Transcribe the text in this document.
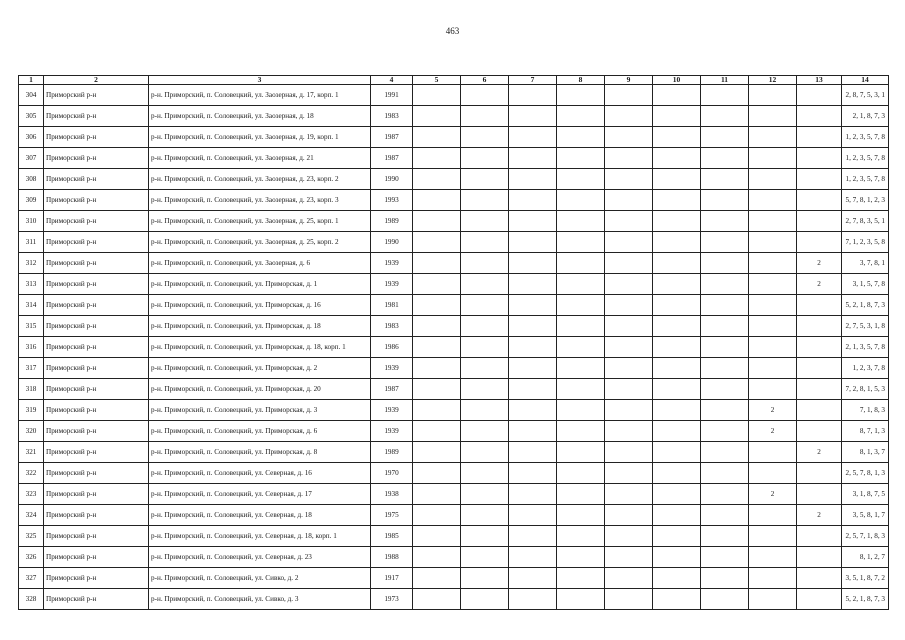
463
1	2	3	4	5	6	7	8	9	10	11	12	13	14
304	Приморский р-н	р-н. Приморский, п. Соловецкий, ул. Заозерная, д. 17, корп. 1	1991										2, 8, 7, 5, 3, 1
305	Приморский р-н	р-н. Приморский, п. Соловецкий, ул. Заозерная, д. 18	1983										2, 1, 8, 7, 3
306	Приморский р-н	р-н. Приморский, п. Соловецкий, ул. Заозерная, д. 19, корп. 1	1987										1, 2, 3, 5, 7, 8
307	Приморский р-н	р-н. Приморский, п. Соловецкий, ул. Заозерная, д. 21	1987										1, 2, 3, 5, 7, 8
308	Приморский р-н	р-н. Приморский, п. Соловецкий, ул. Заозерная, д. 23, корп. 2	1990										1, 2, 3, 5, 7, 8
309	Приморский р-н	р-н. Приморский, п. Соловецкий, ул. Заозерная, д. 23, корп. 3	1993										5, 7, 8, 1, 2, 3
310	Приморский р-н	р-н. Приморский, п. Соловецкий, ул. Заозерная, д. 25, корп. 1	1989										2, 7, 8, 3, 5, 1
311	Приморский р-н	р-н. Приморский, п. Соловецкий, ул. Заозерная, д. 25, корп. 2	1990										7, 1, 2, 3, 5, 8
312	Приморский р-н	р-н. Приморский, п. Соловецкий, ул. Заозерная, д. 6	1939									2	3, 7, 8, 1
313	Приморский р-н	р-н. Приморский, п. Соловецкий, ул. Приморская, д. 1	1939									2	3, 1, 5, 7, 8
314	Приморский р-н	р-н. Приморский, п. Соловецкий, ул. Приморская, д. 16	1981										5, 2, 1, 8, 7, 3
315	Приморский р-н	р-н. Приморский, п. Соловецкий, ул. Приморская, д. 18	1983										2, 7, 5, 3, 1, 8
316	Приморский р-н	р-н. Приморский, п. Соловецкий, ул. Приморская, д. 18, корп. 1	1986										2, 1, 3, 5, 7, 8
317	Приморский р-н	р-н. Приморский, п. Соловецкий, ул. Приморская, д. 2	1939										1, 2, 3, 7, 8
318	Приморский р-н	р-н. Приморский, п. Соловецкий, ул. Приморская, д. 20	1987										7, 2, 8, 1, 5, 3
319	Приморский р-н	р-н. Приморский, п. Соловецкий, ул. Приморская, д. 3	1939								2		7, 1, 8, 3
320	Приморский р-н	р-н. Приморский, п. Соловецкий, ул. Приморская, д. 6	1939								2		8, 7, 1, 3
321	Приморский р-н	р-н. Приморский, п. Соловецкий, ул. Приморская, д. 8	1989									2	8, 1, 3, 7
322	Приморский р-н	р-н. Приморский, п. Соловецкий, ул. Северная, д. 16	1970										2, 5, 7, 8, 1, 3
323	Приморский р-н	р-н. Приморский, п. Соловецкий, ул. Северная, д. 17	1938								2		3, 1, 8, 7, 5
324	Приморский р-н	р-н. Приморский, п. Соловецкий, ул. Северная, д. 18	1975									2	3, 5, 8, 1, 7
325	Приморский р-н	р-н. Приморский, п. Соловецкий, ул. Северная, д. 18, корп. 1	1985										2, 5, 7, 1, 8, 3
326	Приморский р-н	р-н. Приморский, п. Соловецкий, ул. Северная, д. 23	1988										8, 1, 2, 7
327	Приморский р-н	р-н. Приморский, п. Соловецкий, ул. Сивко, д. 2	1917										3, 5, 1, 8, 7, 2
328	Приморский р-н	р-н. Приморский, п. Соловецкий, ул. Сивко, д. 3	1973										5, 2, 1, 8, 7, 3
